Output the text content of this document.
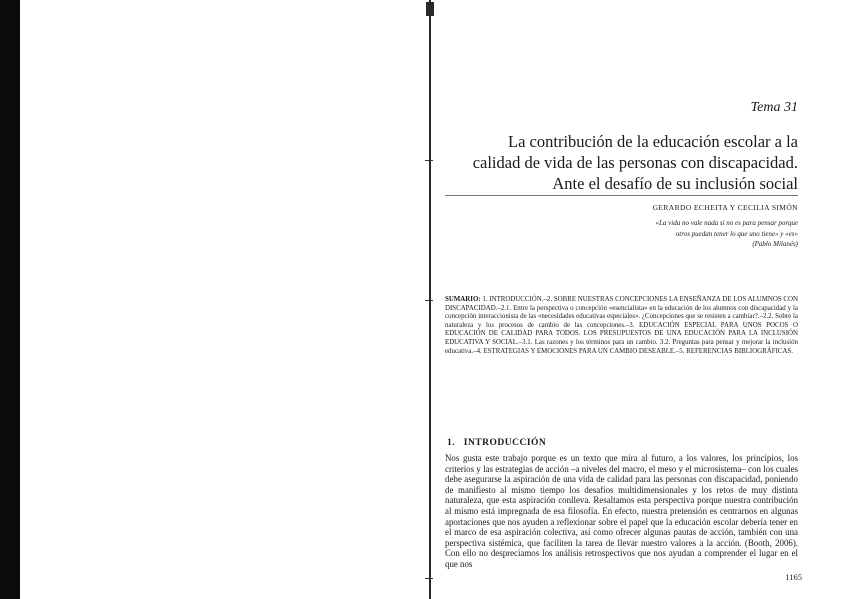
Tema 31
La contribución de la educación escolar a la
calidad de vida de las personas con discapacidad.
Ante el desafío de su inclusión social
GERARDO ECHEITA Y CECILIA SIMÓN
«La vida no vale nada si no es para pensar porque
otros puedan tener lo que uno tiene» y «es»
(Pablo Milanés)
SUMARIO: 1. INTRODUCCIÓN.–2. SOBRE NUESTRAS CONCEPCIONES LA ENSEÑANZA DE LOS ALUMNOS CON DISCAPACIDAD.–2.1. Entre la perspectiva o concepción «esencialista» en la educación de los alumnos con discapacidad y la concepción interaccionista de las «necesidades educativas especiales». ¿Concepciones que se resisten a cambiar?.–2.2. Sobre la naturaleza y los procesos de cambio de las concepciones.–3. EDUCACIÓN ESPECIAL PARA UNOS POCOS O EDUCACIÓN DE CALIDAD PARA TODOS. LOS PRESUPUESTOS DE UNA EDUCACIÓN PARA LA INCLUSIÓN EDUCATIVA Y SOCIAL.–3.1. Las razones y los términos para un cambio. 3.2. Preguntas para pensar y mejorar la inclusión educativa.–4. ESTRATEGIAS Y EMOCIONES PARA UN CAMBIO DESEABLE.–5. REFERENCIAS BIBLIOGRÁFICAS.
1. INTRODUCCIÓN
Nos gusta este trabajo porque es un texto que mira al futuro, a los valores, los principios, los criterios y las estrategias de acción –a niveles del macro, el meso y el microsistema– con los cuales debe asegurarse la aspiración de una vida de calidad para las personas con discapacidad, poniendo de manifiesto al mismo tiempo los desafíos multidimensionales y los retos de muy distinta naturaleza, que esta aspiración conlleva. Resaltamos esta perspectiva porque nuestra contribución al mismo está impregnada de esa filosofía. En efecto, nuestra pretensión es centrarnos en algunas aportaciones que nos ayuden a reflexionar sobre el papel que la educación escolar debería tener en el marco de esa aspiración colectiva, así como ofrecer algunas pautas de acción, también con una perspectiva sistémica, que faciliten la tarea de llevar nuestro valores a la acción. (Booth, 2006). Con ello no despreciamos los análisis retrospectivos que nos ayudan a comprender el lugar en el que nos
1165
